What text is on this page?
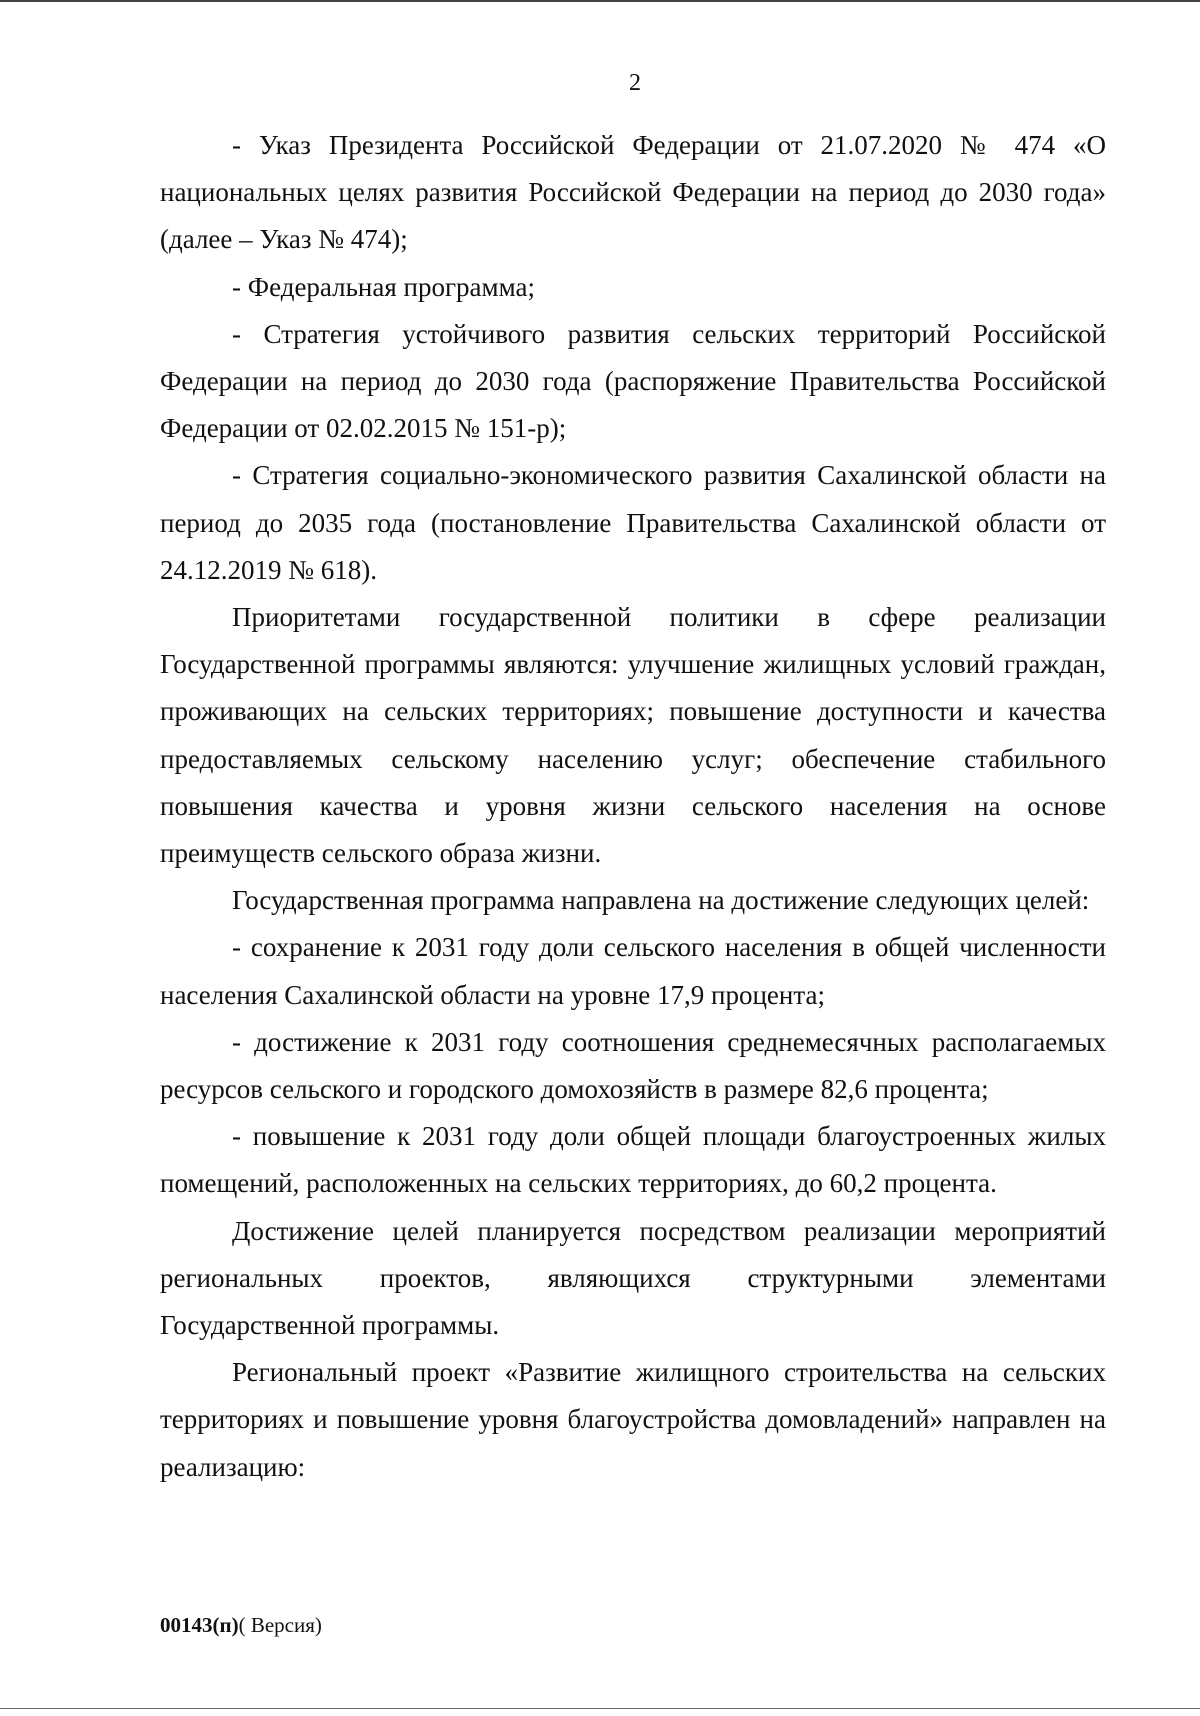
2

- Указ Президента Российской Федерации от 21.07.2020 № 474 «О национальных целях развития Российской Федерации на период до 2030 года» (далее – Указ № 474);

- Федеральная программа;

- Стратегия устойчивого развития сельских территорий Российской Федерации на период до 2030 года (распоряжение Правительства Российской Федерации от 02.02.2015 № 151-р);

- Стратегия социально-экономического развития Сахалинской области на период до 2035 года (постановление Правительства Сахалинской области от 24.12.2019 № 618).

Приоритетами государственной политики в сфере реализации Государственной программы являются: улучшение жилищных условий граждан, проживающих на сельских территориях; повышение доступности и качества предоставляемых сельскому населению услуг; обеспечение стабильного повышения качества и уровня жизни сельского населения на основе преимуществ сельского образа жизни.

Государственная программа направлена на достижение следующих целей:

- сохранение к 2031 году доли сельского населения в общей численности населения Сахалинской области на уровне 17,9 процента;

- достижение к 2031 году соотношения среднемесячных располагаемых ресурсов сельского и городского домохозяйств в размере 82,6 процента;

- повышение к 2031 году доли общей площади благоустроенных жилых помещений, расположенных на сельских территориях, до 60,2 процента.

Достижение целей планируется посредством реализации мероприятий региональных проектов, являющихся структурными элементами Государственной программы.

Региональный проект «Развитие жилищного строительства на сельских территориях и повышение уровня благоустройства домовладений» направлен на реализацию:

00143(п)( Версия)
